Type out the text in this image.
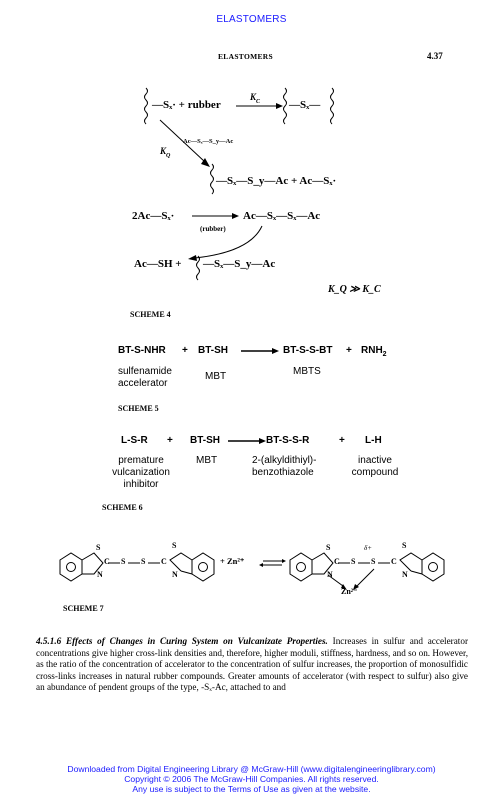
ELASTOMERS
ELASTOMERS	4.37
—Sₓ· + rubber
$K_C$	—Sₓ—
Ac—Sₓ—S_y—Ac
$K_Q$
—Sₓ—S_y—Ac + Ac—Sₓ·
2Ac—Sₓ·	Ac—Sₓ—Sₓ—Ac
(rubber)
Ac—SH + —Sₓ—S_y—Ac
K_Q ≫ K_C
SCHEME 4
BT-S-NHR + BT-SH	$BT-S-S-BT + RNH_2$
sulfenamide
accelerator
MBT	MBTS
SCHEME 5
L-S-R + BT-SH	BT-S-S-R	+ L-H
premature
vulcanization
inhibitor
MBT	2-(alkyldithiyl)-
benzothiazole
inactive
compound
SCHEME 6
S
N
C S S C
S
N
+ Zn²⁺
S
N
C S S
δ+
C
S
N
Zn²⁻
SCHEME 7
4.5.1.6 Effects of Changes in Curing System on Vulcanizate Properties. Increases in sulfur and accelerator concentrations give higher cross-link densities and, therefore, higher moduli, stiffness, hardness, and so on. However, as the ratio of the concentration of accelerator to the concentration of sulfur increases, the proportion of monosulfidic cross-links increases in natural rubber compounds. Greater amounts of accelerator (with respect to sulfur) also give an abundance of pendent groups of the type, -Sₓ-Ac, attached to and
Downloaded from Digital Engineering Library @ McGraw-Hill (www.digitalengineeringlibrary.com)
Copyright © 2006 The McGraw-Hill Companies. All rights reserved.
Any use is subject to the Terms of Use as given at the website.
